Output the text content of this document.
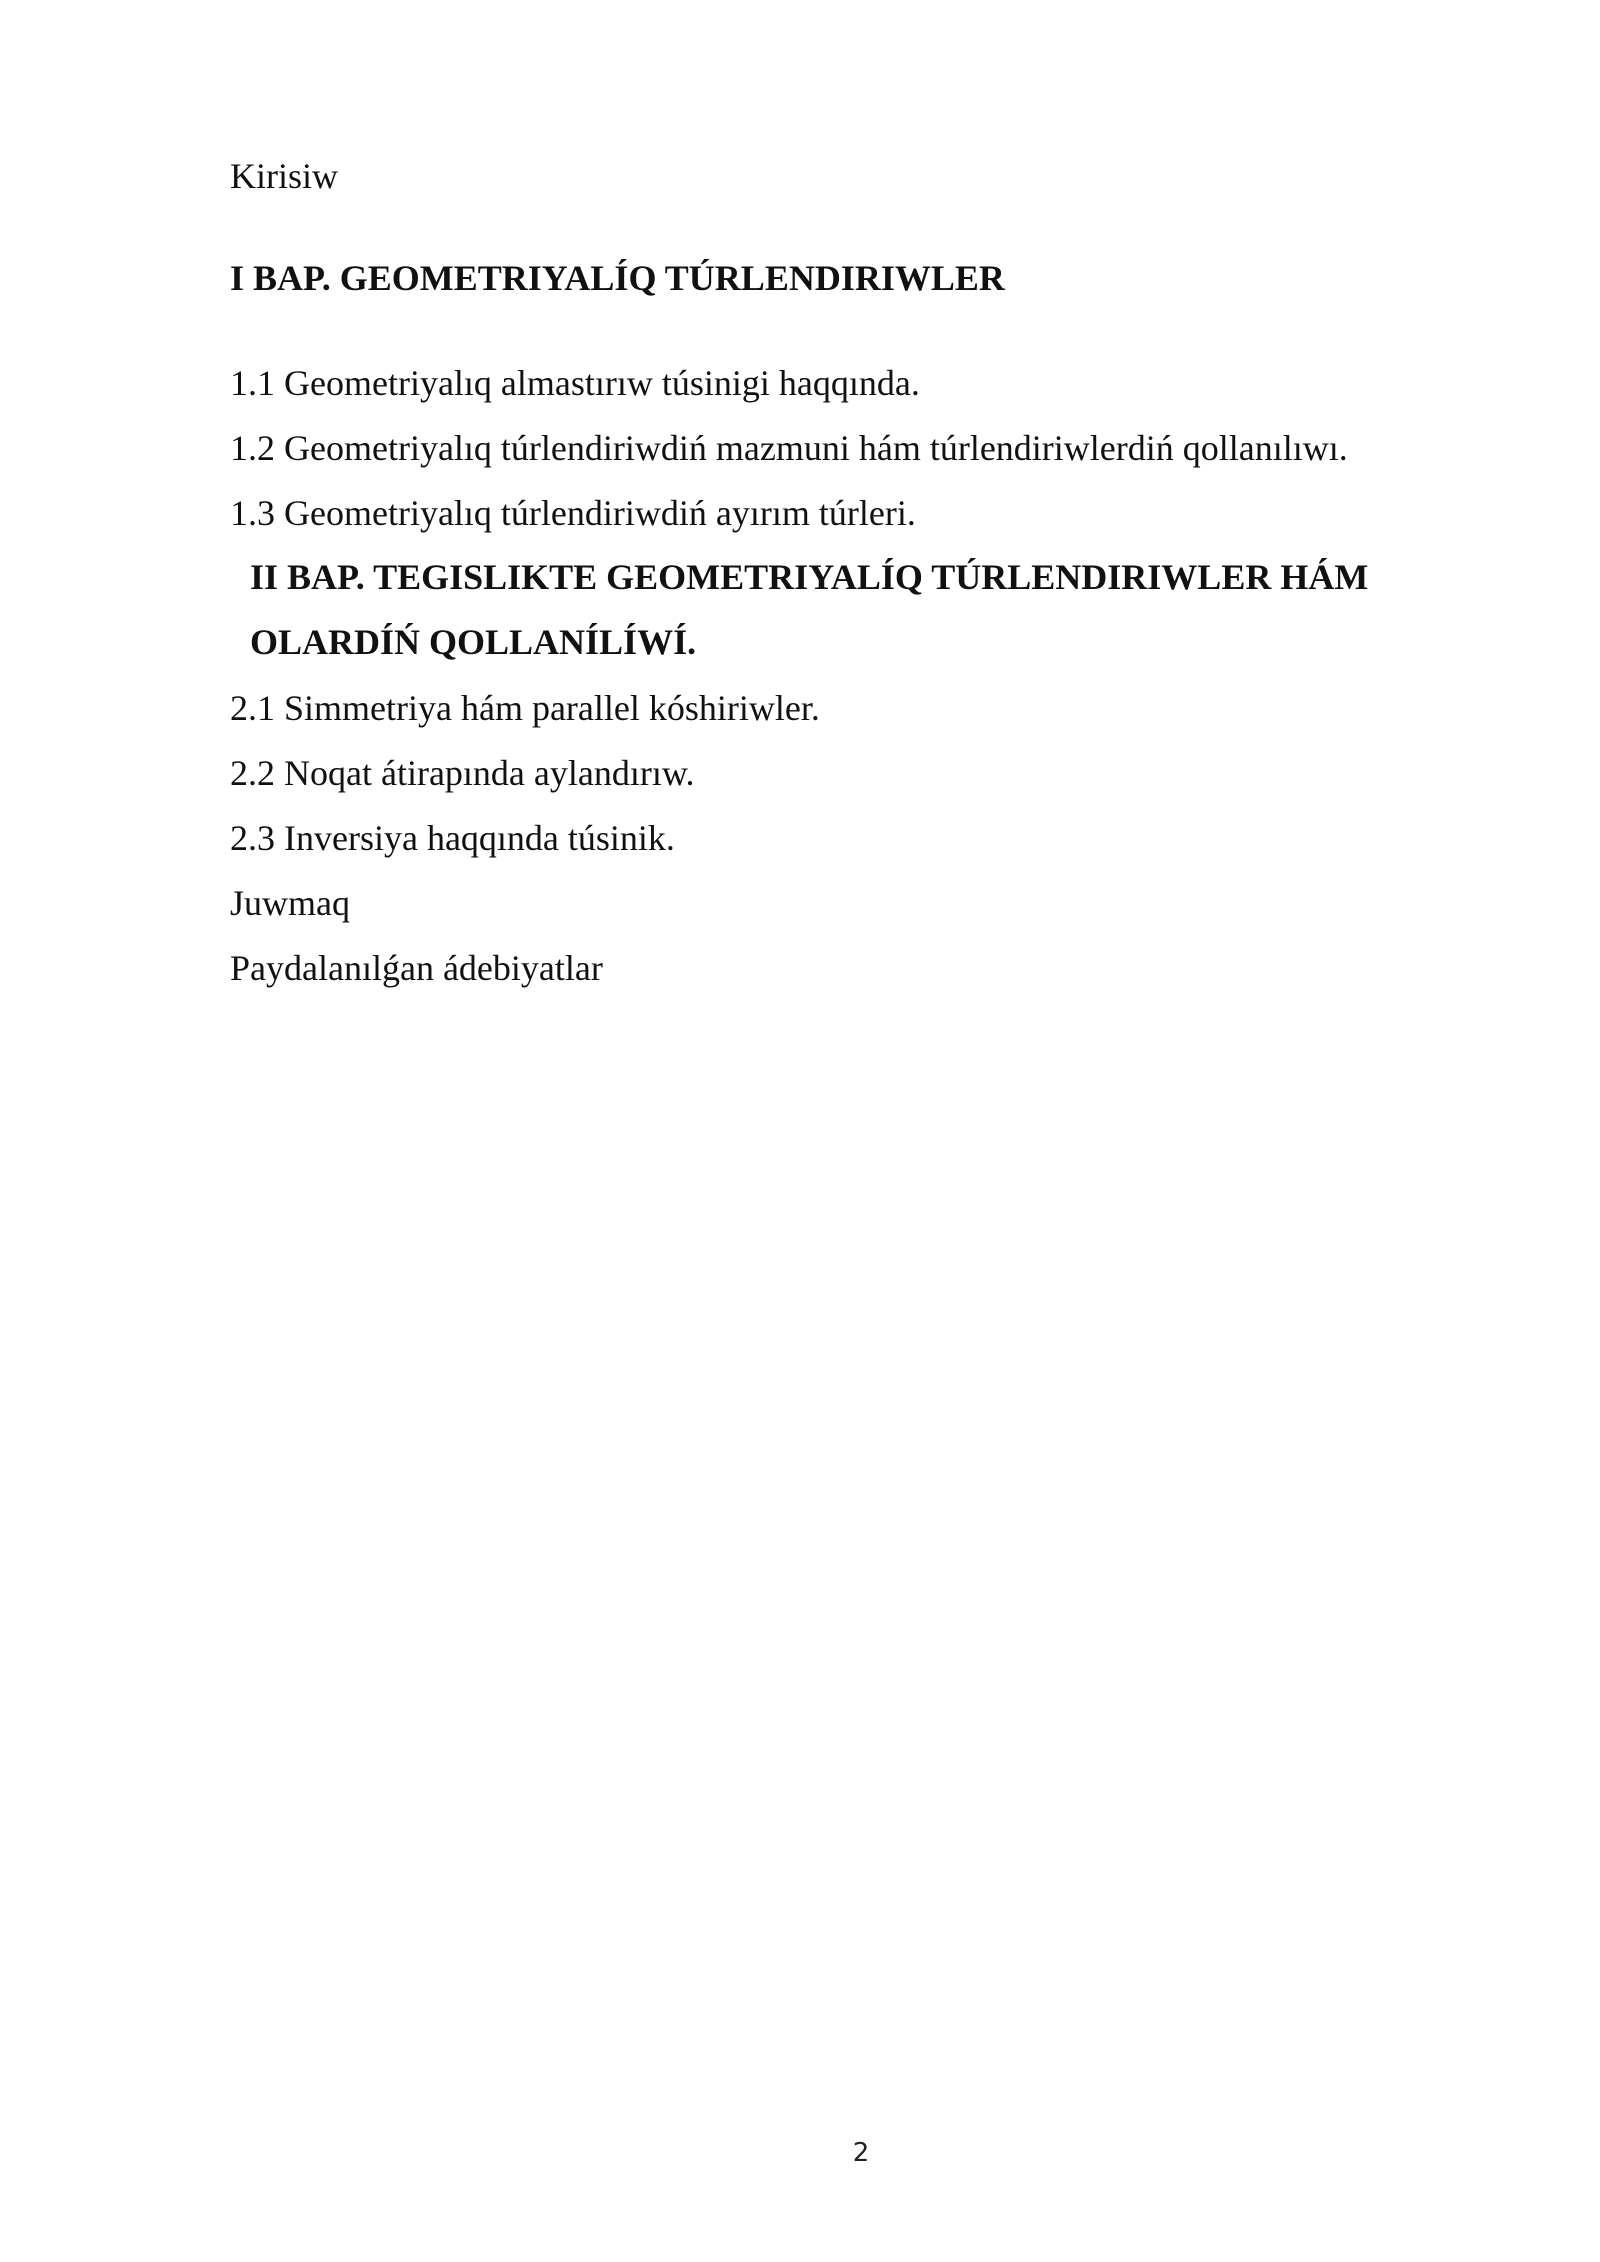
Kirisiw

I BAP. GEOMETRIYALÍQ TÚRLENDIRIWLER

1.1 Geometriyalıq almastırıw túsinigi haqqında.

1.2 Geometriyalıq túrlendiriwdiń mazmuni hám túrlendiriwlerdiń qollanılıwı.

1.3 Geometriyalıq túrlendiriwdiń ayırım túrleri.

II BAP. TEGISLIKTE GEOMETRIYALÍQ TÚRLENDIRIWLER HÁM
OLARDÍŃ QOLLANÍLÍWÍ.

2.1 Simmetriya hám parallel kóshiriwler.

2.2 Noqat átirapında aylandırıw.

2.3 Inversiya haqqında túsinik.

Juwmaq

Paydalanılǵan ádebiyatlar

2
